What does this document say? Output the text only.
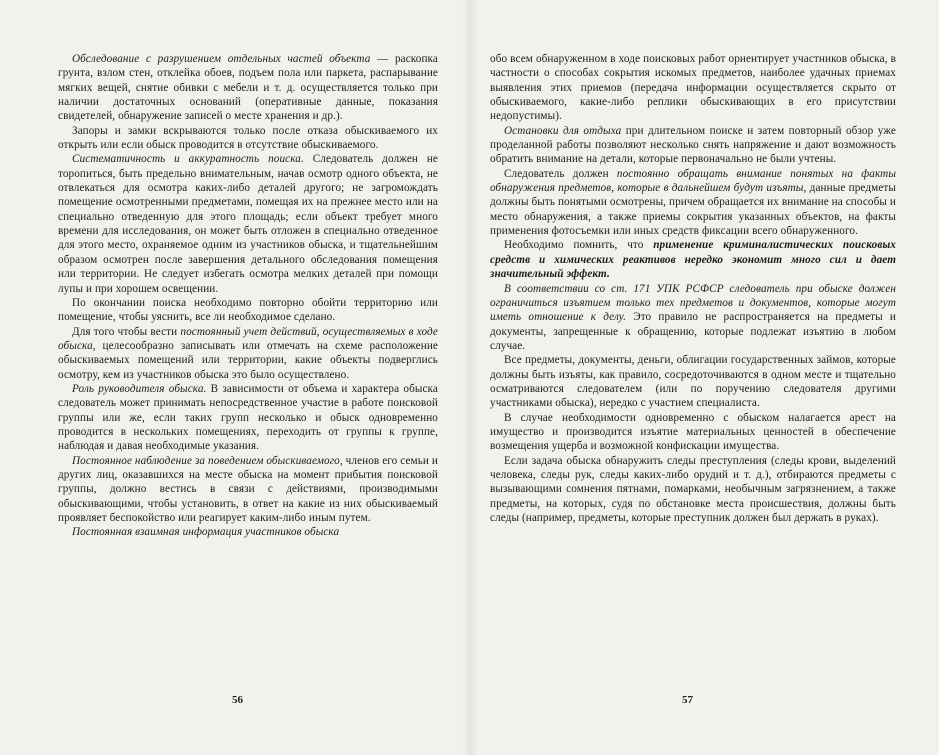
Обследование с разрушением отдельных частей объекта — раскопка грунта, взлом стен, отклейка обоев, подъем пола или паркета, распарывание мягких вещей, снятие обивки с мебели и т. д. осуществляется только при наличии достаточных оснований (оперативные данные, показания свидетелей, обнаружение записей о месте хранения и др.).

Запоры и замки вскрываются только после отказа обыскиваемого их открыть или если обыск проводится в отсутствие обыскиваемого.

Систематичность и аккуратность поиска. Следователь должен не торопиться, быть предельно внимательным, начав осмотр одного объекта, не отвлекаться для осмотра каких-либо деталей другого; не загромождать помещение осмотренными предметами, помещая их на прежнее место или на специально отведенную для этого площадь; если объект требует много времени для исследования, он может быть отложен в специально отведенное для этого место, охраняемое одним из участников обыска, и тщательнейшим образом осмотрен после завершения детального обследования помещения или территории. Не следует избегать осмотра мелких деталей при помощи лупы и при хорошем освещении.

По окончании поиска необходимо повторно обойти территорию или помещение, чтобы уяснить, все ли необходимое сделано.

Для того чтобы вести постоянный учет действий, осуществляемых в ходе обыска, целесообразно записывать или отмечать на схеме расположение обыскиваемых помещений или территории, какие объекты подверглись осмотру, кем из участников обыска это было осуществлено.

Роль руководителя обыска. В зависимости от объема и характера обыска следователь может принимать непосредственное участие в работе поисковой группы или же, если таких групп несколько и обыск одновременно проводится в нескольких помещениях, переходить от группы к группе, наблюдая и давая необходимые указания.

Постоянное наблюдение за поведением обыскиваемого, членов его семьи и других лиц, оказавшихся на месте обыска на момент прибытия поисковой группы, должно вестись в связи с действиями, производимыми обыскивающими, чтобы установить, в ответ на какие из них обыскиваемый проявляет беспокойство или реагирует каким-либо иным путем.

Постоянная взаимная информация участников обыска

56

обо всем обнаруженном в ходе поисковых работ ориентирует участников обыска, в частности о способах сокрытия искомых предметов, наиболее удачных приемах выявления этих приемов (передача информации осуществляется скрыто от обыскиваемого, какие-либо реплики обыскивающих в его присутствии недопустимы).

Остановки для отдыха при длительном поиске и затем повторный обзор уже проделанной работы позволяют несколько снять напряжение и дают возможность обратить внимание на детали, которые первоначально не были учтены.

Следователь должен постоянно обращать внимание понятых на факты обнаружения предметов, которые в дальнейшем будут изъяты, данные предметы должны быть понятыми осмотрены, причем обращается их внимание на способы и место обнаружения, а также приемы сокрытия указанных объектов, на факты применения фотосъемки или иных средств фиксации всего обнаруженного.

Необходимо помнить, что применение криминалистических поисковых средств и химических реактивов нередко экономит много сил и дает значительный эффект.

В соответствии со ст. 171 УПК РСФСР следователь при обыске должен ограничиться изъятием только тех предметов и документов, которые могут иметь отношение к делу. Это правило не распространяется на предметы и документы, запрещенные к обращению, которые подлежат изъятию в любом случае.

Все предметы, документы, деньги, облигации государственных займов, которые должны быть изъяты, как правило, сосредоточиваются в одном месте и тщательно осматриваются следователем (или по поручению следователя другими участниками обыска), нередко с участием специалиста.

В случае необходимости одновременно с обыском налагается арест на имущество и производится изъятие материальных ценностей в обеспечение возмещения ущерба и возможной конфискации имущества.

Если задача обыска обнаружить следы преступления (следы крови, выделений человека, следы рук, следы каких-либо орудий и т. д.), отбираются предметы с вызывающими сомнения пятнами, помарками, необычным загрязнением, а также предметы, на которых, судя по обстановке места происшествия, должны быть следы (например, предметы, которые преступник должен был держать в руках).

57
